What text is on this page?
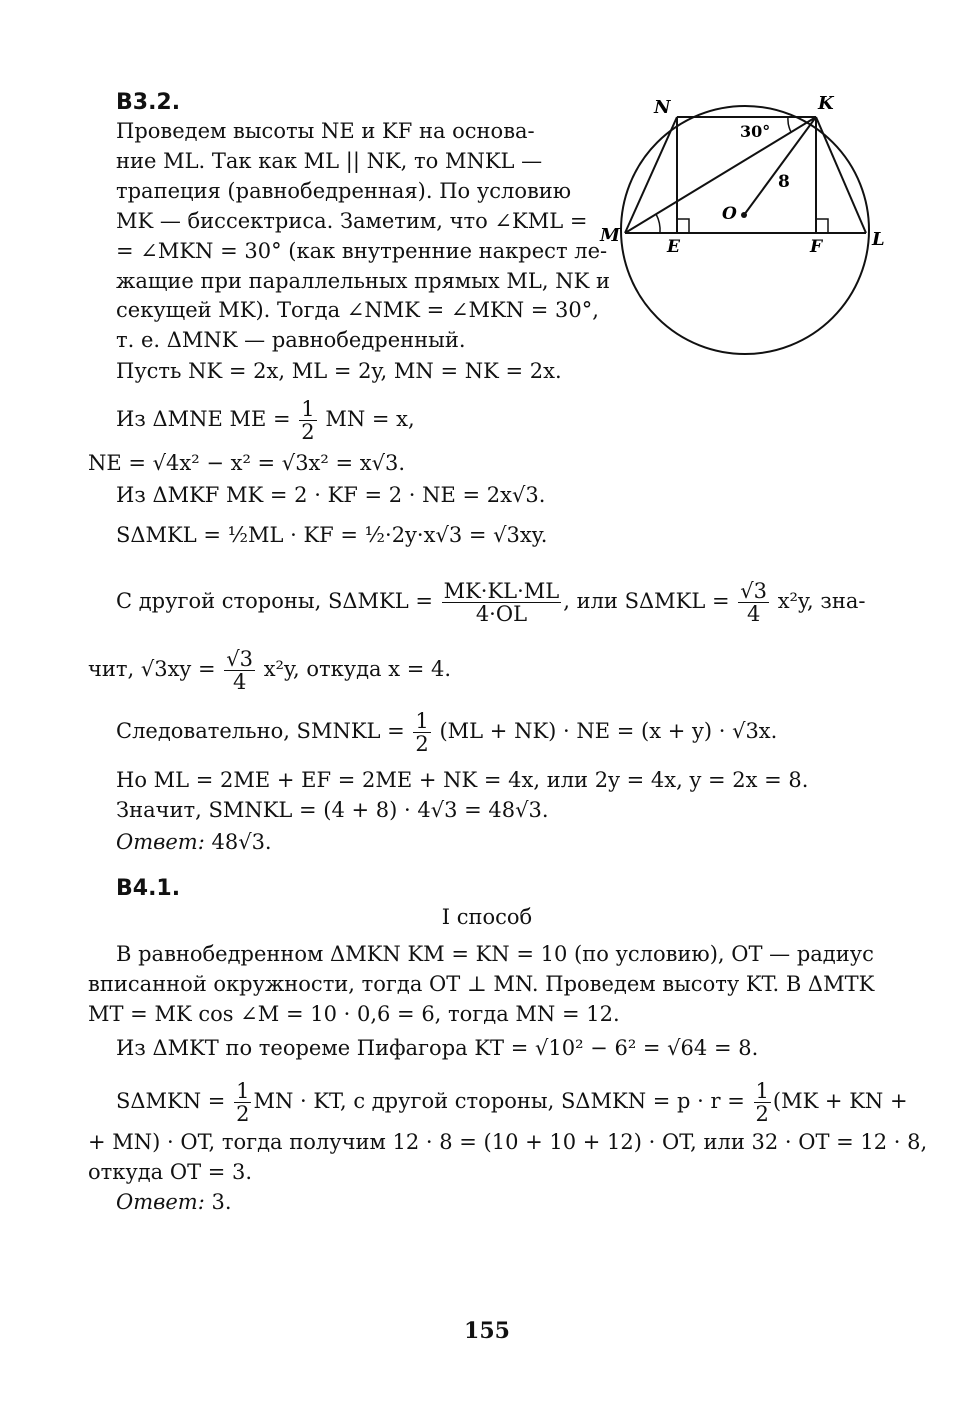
В3.2.
Проведем высоты NE и KF на основа-
ние ML. Так как ML || NK, то MNKL —
трапеция (равнобедренная). По условию
MK — биссектриса. Заметим, что ∠KML =
= ∠MKN = 30° (как внутренние накрест ле-
жащие при параллельных прямых ML, NK и
секущей MK). Тогда ∠NMK = ∠MKN = 30°,
т. е. ΔMNK — равнобедренный.
Пусть NK = 2x, ML = 2y, MN = NK = 2x.
Из ΔMNE ME = $\frac{1}{2}$ MN = x,
NE = √4x² − x² = √3x² = x√3.
Из ΔMKF MK = 2 · KF = 2 · NE = 2x√3.
SΔMKL = ½ML · KF = ½·2y·x√3 = √3xy.
С другой стороны, $S\Delta MKL = \frac{MK\cdot KL\cdot ML}{4\cdot OL}$ , или $S\Delta MKL = \frac{√3}{4} x^2y$, зна-
чит, $√3xy = \frac{√3}{4} x^2y$, откуда x = 4.
Следовательно, SMNKL = $\frac{1}{2} (ML + NK)$ · NE = (x + y) · √3x.
Но ML = 2ME + EF = 2ME + NK = 4x, или 2y = 4x, y = 2x = 8.
Значит, SMNKL = (4 + 8) · 4√3 = 48√3.
Ответ: 48√3.
N	K
M	L
E	F
O
30°
8
В4.1.
I способ
В равнобедренном ΔMKN KM = KN = 10 (по условию), OT — радиус
вписанной окружности, тогда OT ⊥ MN. Проведем высоту KT. В ΔMTK
MT = MK cos ∠M = 10 · 0,6 = 6, тогда MN = 12.
Из ΔMKT по теореме Пифагора KT = √10² − 6² = √64 = 8.
$S\Delta MKN = \frac{1}{2}$ MN · KT, с другой стороны, $S\Delta MKN = p \cdot r = \frac{1}{2} (MK$ + KN +
+ MN) · OT, тогда получим 12 · 8 = (10 + 10 + 12) · OT, или 32 · OT = 12 · 8,
откуда OT = 3.
Ответ: 3.
155
